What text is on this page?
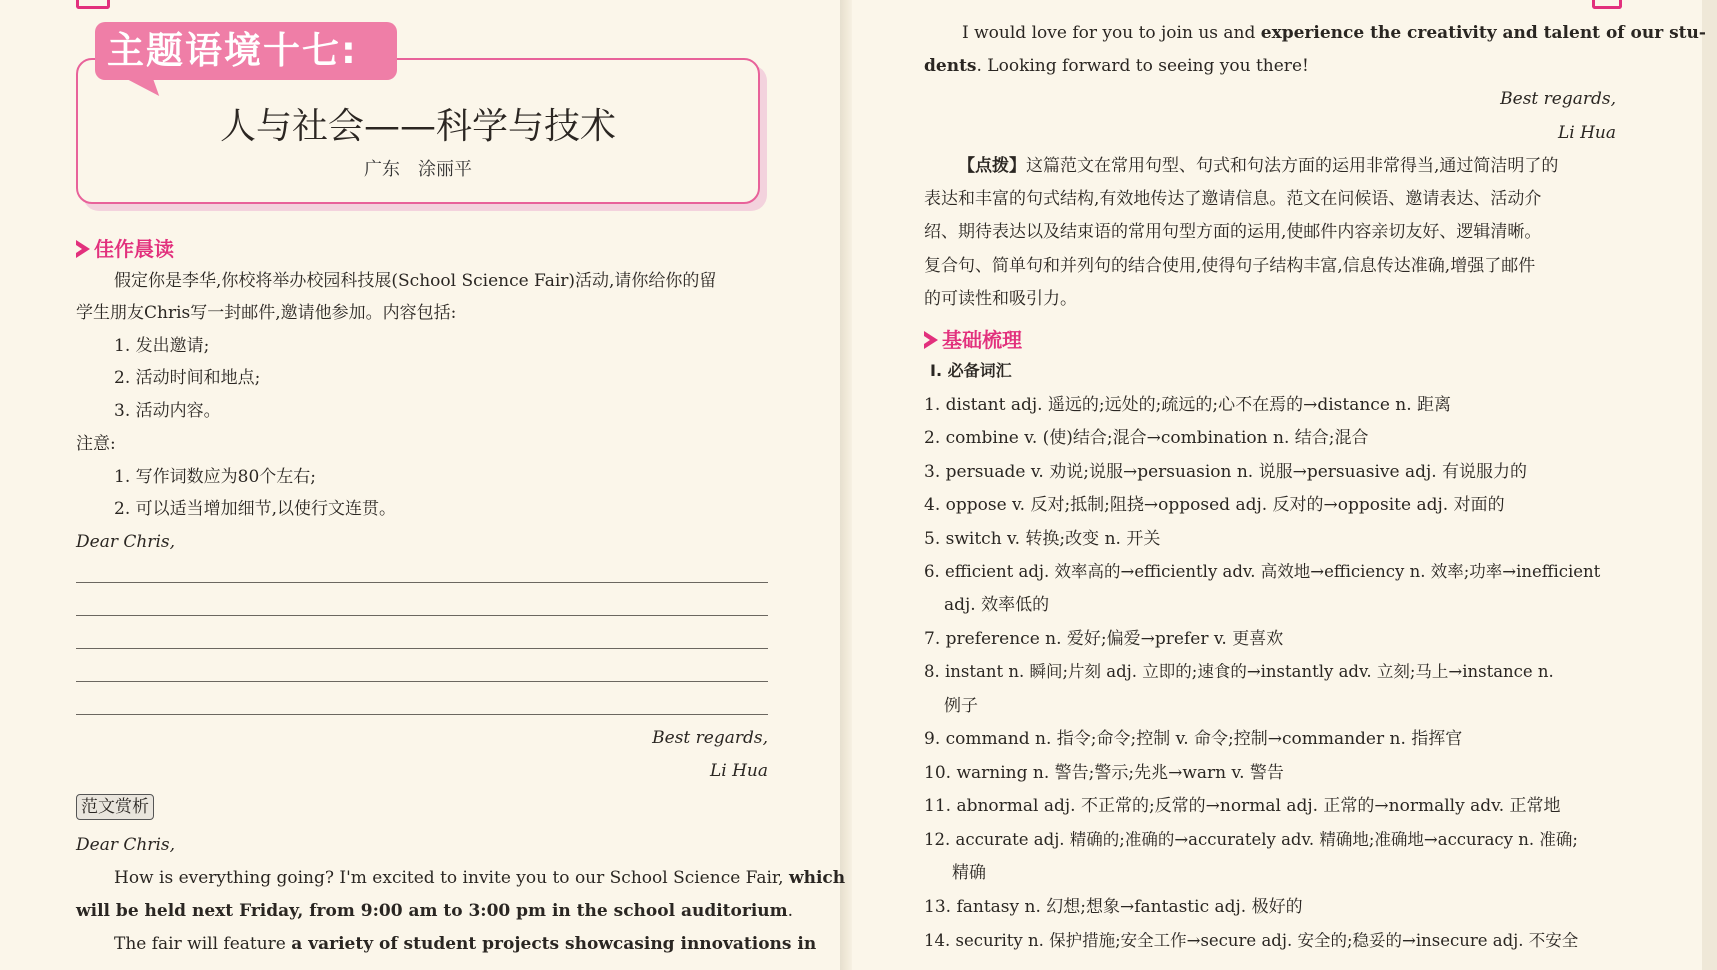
主题语境十七:
人与社会——科学与技术
广东　涂丽平
佳作晨读
假定你是李华,你校将举办校园科技展(School Science Fair)活动,请你给你的留
学生朋友Chris写一封邮件,邀请他参加。内容包括:
1. 发出邀请;
2. 活动时间和地点;
3. 活动内容。
注意:
1. 写作词数应为80个左右;
2. 可以适当增加细节,以使行文连贯。
Dear Chris,
Best regards,
Li Hua
范文赏析
Dear Chris,
How is everything going? I'm excited to invite you to our School Science Fair, which
will be held next Friday, from 9:00 am to 3:00 pm in the school auditorium.
The fair will feature a variety of student projects showcasing innovations in
I would love for you to join us and experience the creativity and talent of our stu-
dents. Looking forward to seeing you there!
Best regards,
Li Hua
【点拨】这篇范文在常用句型、句式和句法方面的运用非常得当,通过简洁明了的
表达和丰富的句式结构,有效地传达了邀请信息。范文在问候语、邀请表达、活动介
绍、期待表达以及结束语的常用句型方面的运用,使邮件内容亲切友好、逻辑清晰。
复合句、简单句和并列句的结合使用,使得句子结构丰富,信息传达准确,增强了邮件
的可读性和吸引力。
基础梳理
Ⅰ. 必备词汇
1. distant adj. 遥远的;远处的;疏远的;心不在焉的→distance n. 距离
2. combine v. (使)结合;混合→combination n. 结合;混合
3. persuade v. 劝说;说服→persuasion n. 说服→persuasive adj. 有说服力的
4. oppose v. 反对;抵制;阻挠→opposed adj. 反对的→opposite adj. 对面的
5. switch v. 转换;改变 n. 开关
6. efficient adj. 效率高的→efficiently adv. 高效地→efficiency n. 效率;功率→inefficient
adj. 效率低的
7. preference n. 爱好;偏爱→prefer v. 更喜欢
8. instant n. 瞬间;片刻 adj. 立即的;速食的→instantly adv. 立刻;马上→instance n.
例子
9. command n. 指令;命令;控制 v. 命令;控制→commander n. 指挥官
10. warning n. 警告;警示;先兆→warn v. 警告
11. abnormal adj. 不正常的;反常的→normal adj. 正常的→normally adv. 正常地
12. accurate adj. 精确的;准确的→accurately adv. 精确地;准确地→accuracy n. 准确;
精确
13. fantasy n. 幻想;想象→fantastic adj. 极好的
14. security n. 保护措施;安全工作→secure adj. 安全的;稳妥的→insecure adj. 不安全
